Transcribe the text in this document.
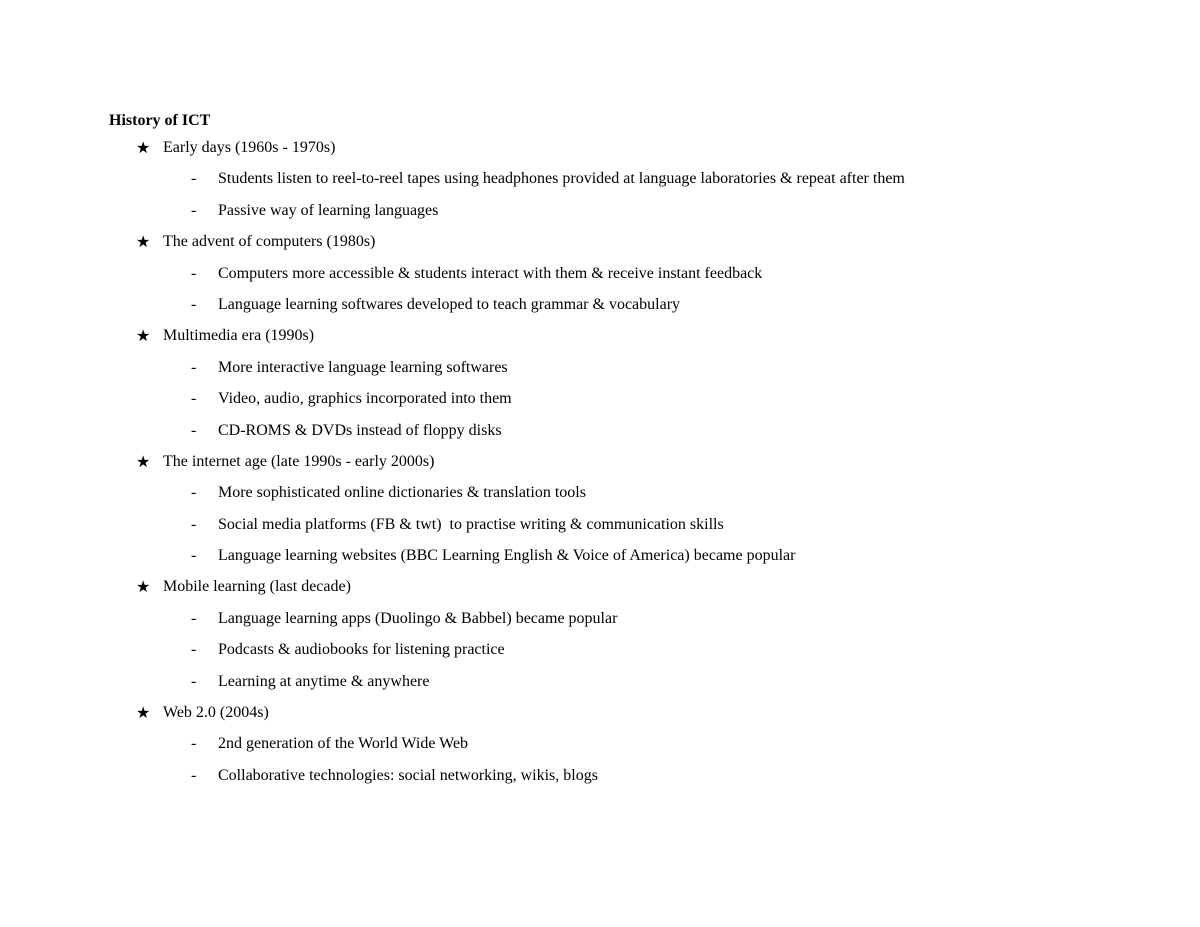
History of ICT
★ Early days (1960s - 1970s)
- Students listen to reel-to-reel tapes using headphones provided at language laboratories & repeat after them
- Passive way of learning languages
★ The advent of computers (1980s)
- Computers more accessible & students interact with them & receive instant feedback
- Language learning softwares developed to teach grammar & vocabulary
★ Multimedia era (1990s)
- More interactive language learning softwares
- Video, audio, graphics incorporated into them
- CD-ROMS & DVDs instead of floppy disks
★ The internet age (late 1990s - early 2000s)
- More sophisticated online dictionaries & translation tools
- Social media platforms (FB & twt)  to practise writing & communication skills
- Language learning websites (BBC Learning English & Voice of America) became popular
★ Mobile learning (last decade)
- Language learning apps (Duolingo & Babbel) became popular
- Podcasts & audiobooks for listening practice
- Learning at anytime & anywhere
★ Web 2.0 (2004s)
- 2nd generation of the World Wide Web
- Collaborative technologies: social networking, wikis, blogs
